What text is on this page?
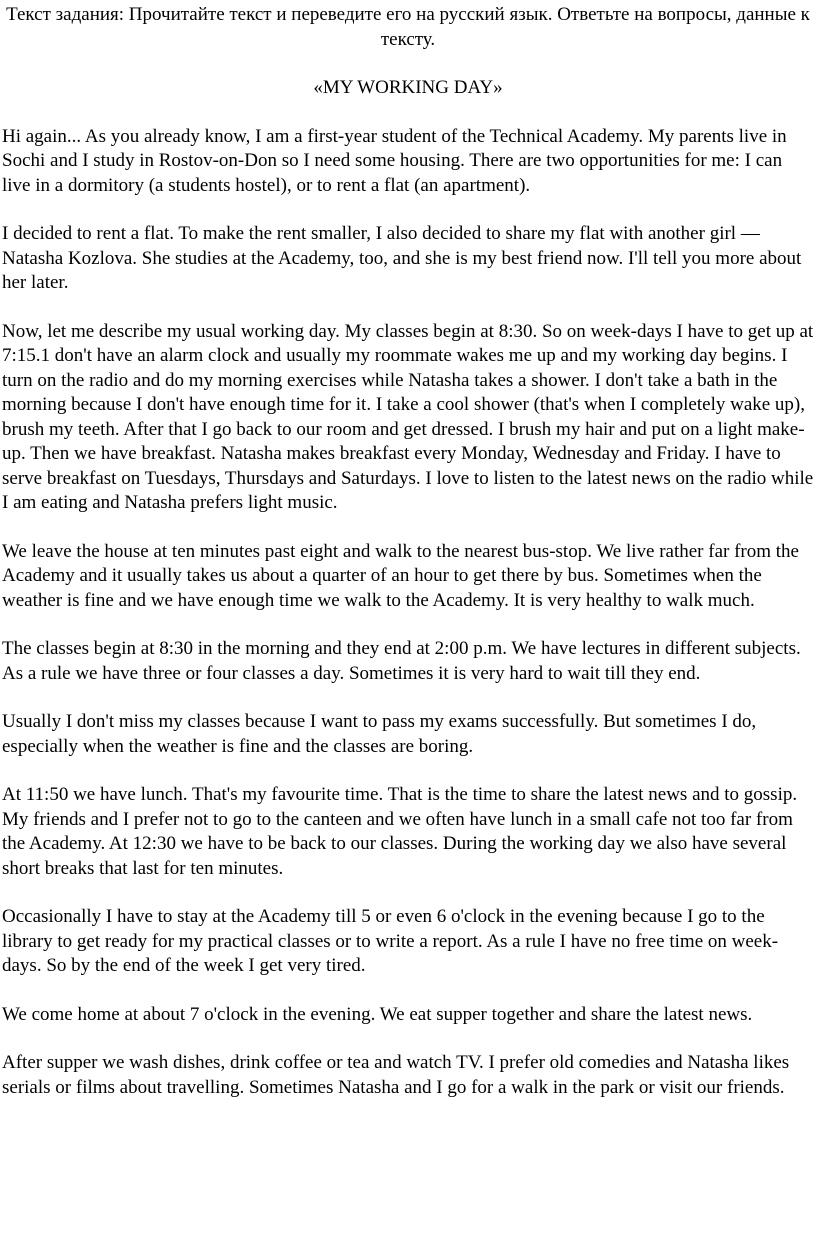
Текст задания: Прочитайте текст и переведите его на русский язык. Ответьте на вопросы, данные к тексту.
«MY WORKING DAY»
Hi again... As you already know, I am a first-year student of the Technical Academy. My parents live in Sochi and I study in Rostov-on-Don so I need some housing. There are two opportunities for me: I can live in a dormitory (a students hostel), or to rent a flat (an apartment).
I decided to rent a flat. To make the rent smaller, I also decided to share my flat with another girl — Natasha Kozlova. She studies at the Academy, too, and she is my best friend now. I'll tell you more about her later.
Now, let me describe my usual working day. My classes begin at 8:30. So on week-days I have to get up at 7:15.1 don't have an alarm clock and usually my roommate wakes me up and my working day begins. I turn on the radio and do my morning exercises while Natasha takes a shower. I don't take a bath in the morning because I don't have enough time for it. I take a cool shower (that's when I completely wake up), brush my teeth. After that I go back to our room and get dressed. I brush my hair and put on a light make-up. Then we have breakfast. Natasha makes breakfast every Monday, Wednesday and Friday. I have to serve breakfast on Tuesdays, Thursdays and Saturdays. I love to listen to the latest news on the radio while I am eating and Natasha prefers light music.
We leave the house at ten minutes past eight and walk to the nearest bus-stop. We live rather far from the Academy and it usually takes us about a quarter of an hour to get there by bus. Sometimes when the weather is fine and we have enough time we walk to the Academy. It is very healthy to walk much.
The classes begin at 8:30 in the morning and they end at 2:00 p.m. We have lectures in different subjects. As a rule we have three or four classes a day. Sometimes it is very hard to wait till they end.
Usually I don't miss my classes because I want to pass my exams successfully. But sometimes I do, especially when the weather is fine and the classes are boring.
At 11:50 we have lunch. That's my favourite time. That is the time to share the latest news and to gossip. My friends and I prefer not to go to the canteen and we often have lunch in a small cafe not too far from the Academy. At 12:30 we have to be back to our classes. During the working day we also have several short breaks that last for ten minutes.
Occasionally I have to stay at the Academy till 5 or even 6 o'clock in the evening because I go to the library to get ready for my practical classes or to write a report. As a rule I have no free time on week-days. So by the end of the week I get very tired.
We come home at about 7 o'clock in the evening. We eat supper together and share the latest news.
After supper we wash dishes, drink coffee or tea and watch TV. I prefer old comedies and Natasha likes serials or films about travelling. Sometimes Natasha and I go for a walk in the park or visit our friends.
